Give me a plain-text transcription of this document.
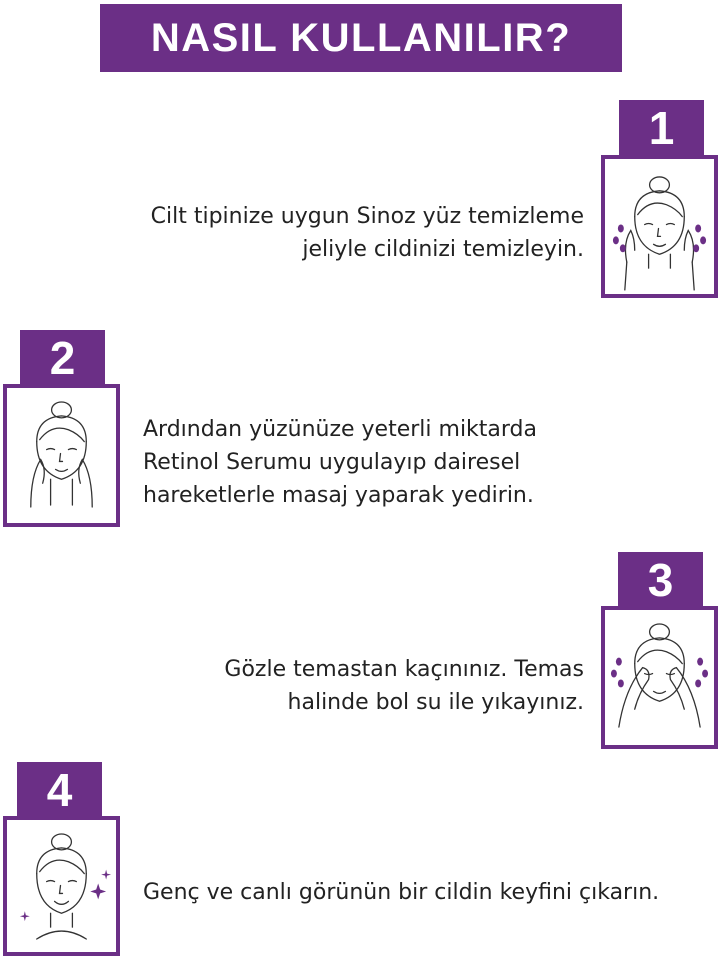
NASIL KULLANILIR?
1
Cilt tipinize uygun Sinoz yüz temizleme
jeliyle cildinizi temizleyin.
2
Ardından yüzünüze yeterli miktarda
Retinol Serumu uygulayıp dairesel
hareketlerle masaj yaparak yedirin.
3
Gözle temastan kaçınınız. Temas
halinde bol su ile yıkayınız.
4
Genç ve canlı görünün bir cildin keyfini çıkarın.
